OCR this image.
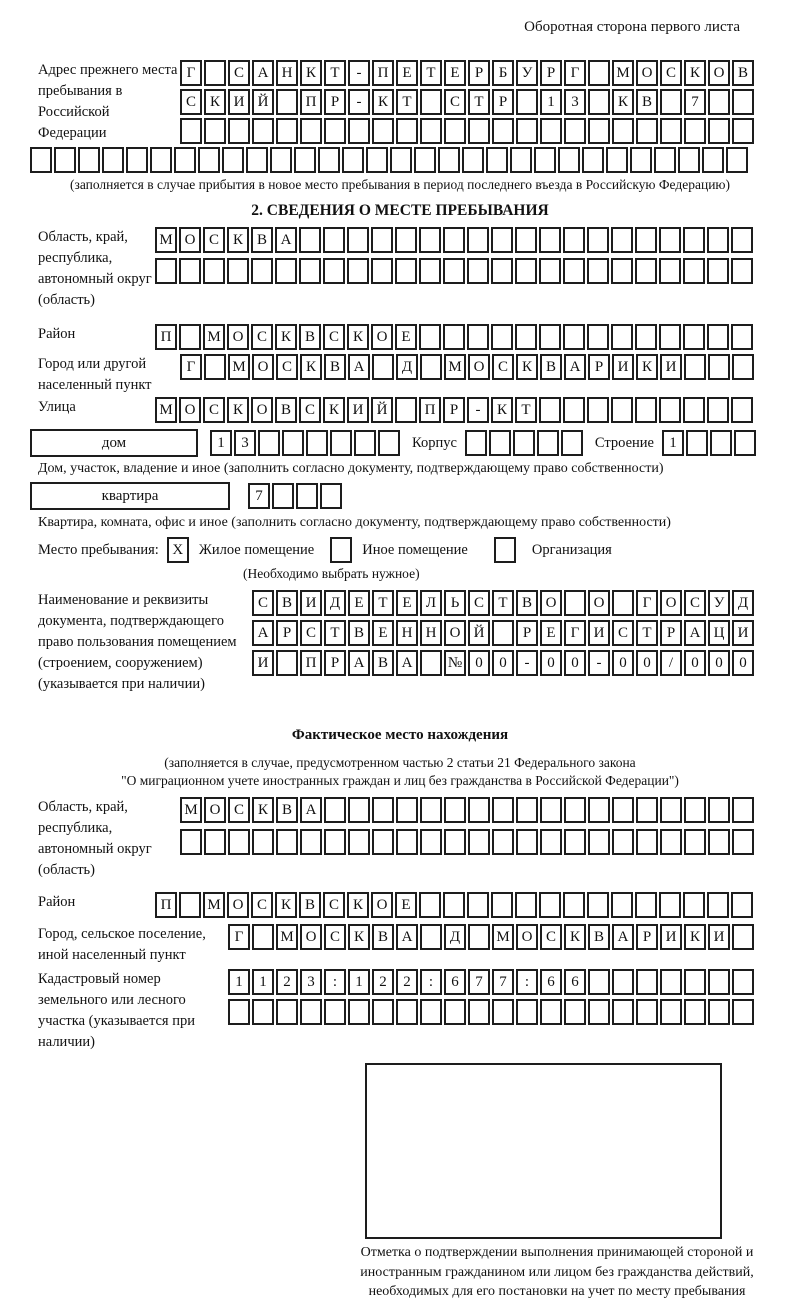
Оборотная сторона первого листа
Адрес прежнего места пребывания в Российской Федерации
Г	С А Н К Т	-	П Е Т Е	Р	Б У Р	Г	М О С К О В
С К И Й	П Р	-	К Т	С Т	Р	1	3	К В	7
(заполняется в случае прибытия в новое место пребывания в период последнего въезда в Российскую Федерацию)
2. СВЕДЕНИЯ О МЕСТЕ ПРЕБЫВАНИЯ
Область, край, республика, автономный округ (область)
М О С К В А
Район	П	М О С К В С К О Е
Город или другой населенный пункт
Г	М О С К В А	Д	М О С К В А Р И К И
Улица	М О С К О В С К И Й	П Р	-	К Т
дом	1	3	Корпус	Строение	1
Дом, участок, владение и иное (заполнить согласно документу, подтверждающему право собственности)
квартира	7
Квартира, комната, офис и иное (заполнить согласно документу, подтверждающему право собственности)
Место пребывания: X	Жилое помещение	Иное помещение	Организация
(Необходимо выбрать нужное)
Наименование и реквизиты документа, подтверждающего право пользования помещением (строением, сооружением) (указывается при наличии)
С В И Д Е Т Е Л Ь С Т В О	О	Г О С У Д
А Р С Т В Е Н Н О Й	Р	Е	Г И С Т	Р А Ц И
И	П Р А В А	№ 0	0	-	0	0	-	0	0	/	0	0	0
Фактическое место нахождения
(заполняется в случае, предусмотренном частью 2 статьи 21 Федерального закона
"О миграционном учете иностранных граждан и лиц без гражданства в Российской Федерации")
Область, край, республика, автономный округ (область)
М О С К В А
Район	П	М О С К В С К О Е
Город, сельское поселение, иной населенный пункт
Г	М О С К В А	Д	М О С К В А Р И К И
Кадастровый номер земельного или лесного участка (указывается при наличии)
1	1	2	3	:	1	2	2	:	6	7	7	:	6	6
Отметка о подтверждении выполнения принимающей стороной и иностранным гражданином или лицом без гражданства действий, необходимых для его постановки на учет по месту пребывания
